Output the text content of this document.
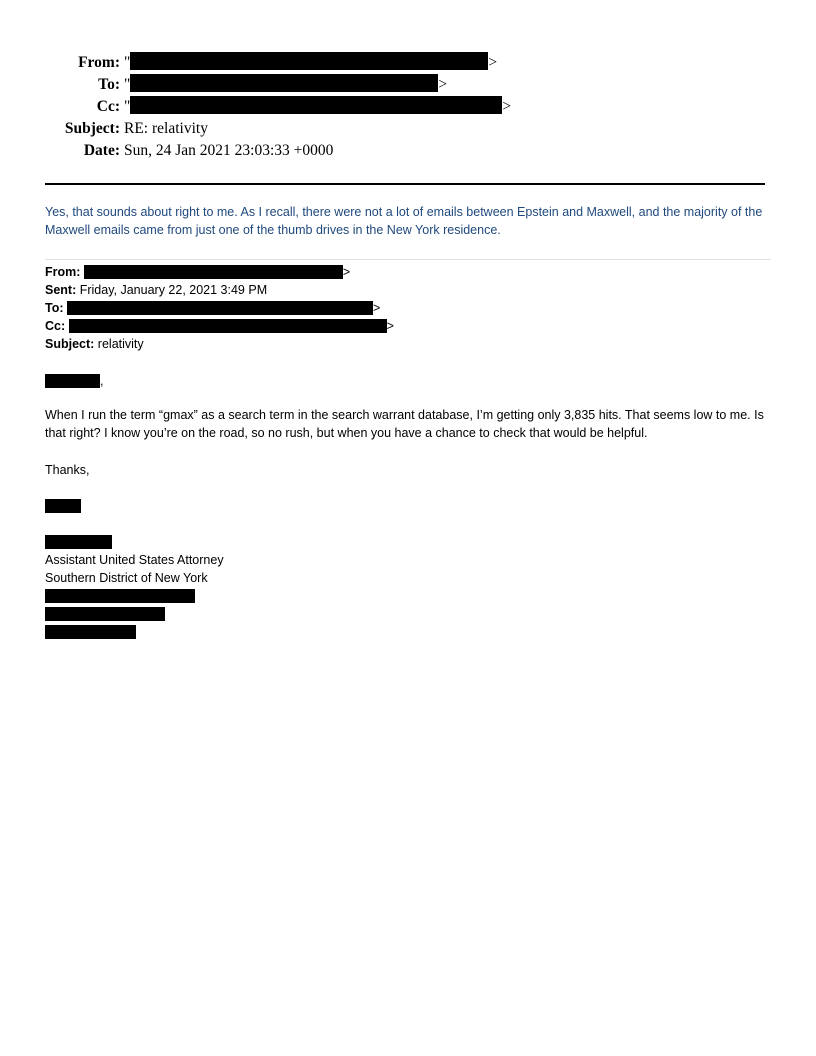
From: "	>
To: "	>
Cc: "	>
Subject: RE: relativity
Date: Sun, 24 Jan 2021 23:03:33 +0000
Yes, that sounds about right to me. As I recall, there were not a lot of emails between Epstein and Maxwell, and the majority of the Maxwell emails came from just one of the thumb drives in the New York residence.
From:	>
Sent: Friday, January 22, 2021 3:49 PM
To:	>
Cc:	>
Subject: relativity
,
When I run the term “gmax” as a search term in the search warrant database, I’m getting only 3,835 hits. That seems low to me. Is that right? I know you’re on the road, so no rush, but when you have a chance to check that would be helpful.
Thanks,
Assistant United States Attorney
Southern District of New York
